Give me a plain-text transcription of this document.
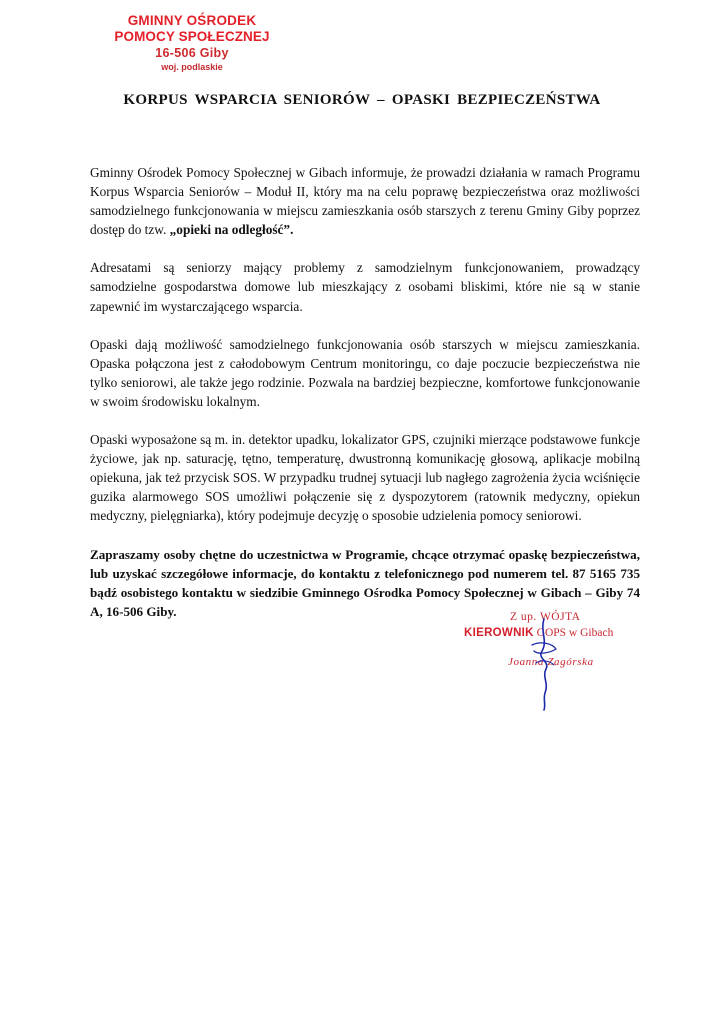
GMINNY OŚRODEK
POMOCY SPOŁECZNEJ
16-506 Giby
woj. podlaskie
KORPUS WSPARCIA SENIORÓW – OPASKI BEZPIECZEŃSTWA

Gminny Ośrodek Pomocy Społecznej w Gibach informuje, że prowadzi działania w ramach Programu Korpus Wsparcia Seniorów – Moduł II, który ma na celu poprawę bezpieczeństwa oraz możliwości samodzielnego funkcjonowania w miejscu zamieszkania osób starszych z terenu Gminy Giby poprzez dostęp do tzw. „opieki na odległość”.

Adresatami są seniorzy mający problemy z samodzielnym funkcjonowaniem, prowadzący samodzielne gospodarstwa domowe lub mieszkający z osobami bliskimi, które nie są w stanie zapewnić im wystarczającego wsparcia.

Opaski dają możliwość samodzielnego funkcjonowania osób starszych w miejscu zamieszkania. Opaska połączona jest z całodobowym Centrum monitoringu, co daje poczucie bezpieczeństwa nie tylko seniorowi, ale także jego rodzinie. Pozwala na bardziej bezpieczne, komfortowe funkcjonowanie w swoim środowisku lokalnym.

Opaski wyposażone są m. in. detektor upadku, lokalizator GPS, czujniki mierzące podstawowe funkcje życiowe, jak np. saturację, tętno, temperaturę, dwustronną komunikację głosową, aplikacje mobilną opiekuna, jak też przycisk SOS. W przypadku trudnej sytuacji lub nagłego zagrożenia życia wciśnięcie guzika alarmowego SOS umożliwi połączenie się z dyspozytorem (ratownik medyczny, opiekun medyczny, pielęgniarka), który podejmuje decyzję o sposobie udzielenia pomocy seniorowi.

Zapraszamy osoby chętne do uczestnictwa w Programie, chcące otrzymać opaskę bezpieczeństwa, lub uzyskać szczegółowe informacje, do kontaktu z telefonicznego pod numerem tel. 87 5165 735 bądź osobistego kontaktu w siedzibie Gminnego Ośrodka Pomocy Społecznej w Gibach – Giby 74 A, 16-506 Giby.	Z up. WÓJTA
KIEROWNIK GOPS w Gibach
Joanna Zagórska
